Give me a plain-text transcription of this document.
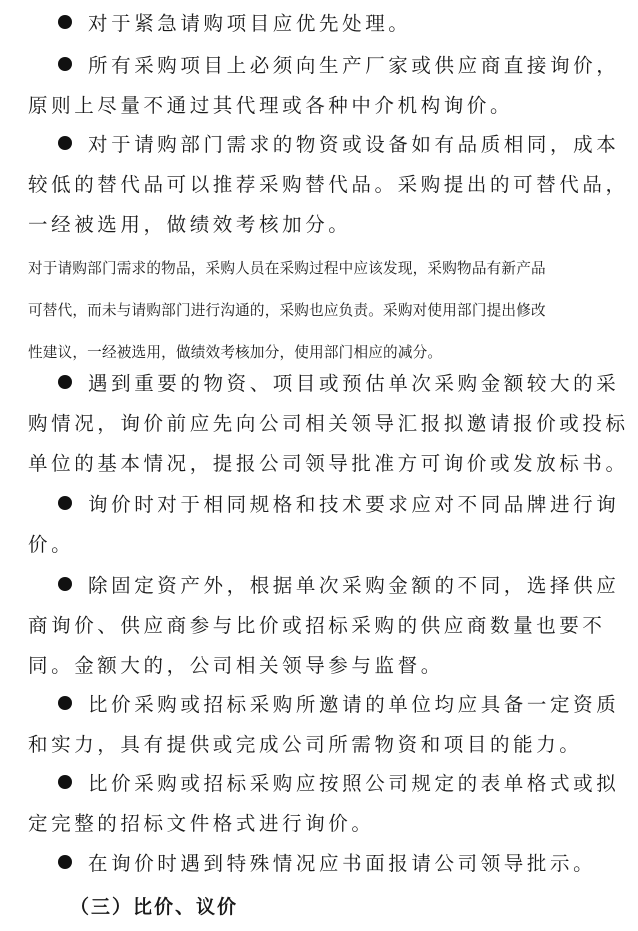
对于紧急请购项目应优先处理。
所有采购项目上必须向生产厂家或供应商直接询价，
原则上尽量不通过其代理或各种中介机构询价。
对于请购部门需求的物资或设备如有品质相同，成本
较低的替代品可以推荐采购替代品。采购提出的可替代品，
一经被选用，做绩效考核加分。
对于请购部门需求的物品，采购人员在采购过程中应该发现，采购物品有新产品
可替代，而未与请购部门进行沟通的，采购也应负责。采购对使用部门提出修改
性建议，一经被选用，做绩效考核加分，使用部门相应的减分。
遇到重要的物资、项目或预估单次采购金额较大的采
购情况，询价前应先向公司相关领导汇报拟邀请报价或投标
单位的基本情况，提报公司领导批准方可询价或发放标书。
询价时对于相同规格和技术要求应对不同品牌进行询
价。
除固定资产外，根据单次采购金额的不同，选择供应
商询价、供应商参与比价或招标采购的供应商数量也要不
同。金额大的，公司相关领导参与监督。
比价采购或招标采购所邀请的单位均应具备一定资质
和实力，具有提供或完成公司所需物资和项目的能力。
比价采购或招标采购应按照公司规定的表单格式或拟
定完整的招标文件格式进行询价。
在询价时遇到特殊情况应书面报请公司领导批示。
（三）比价、议价
